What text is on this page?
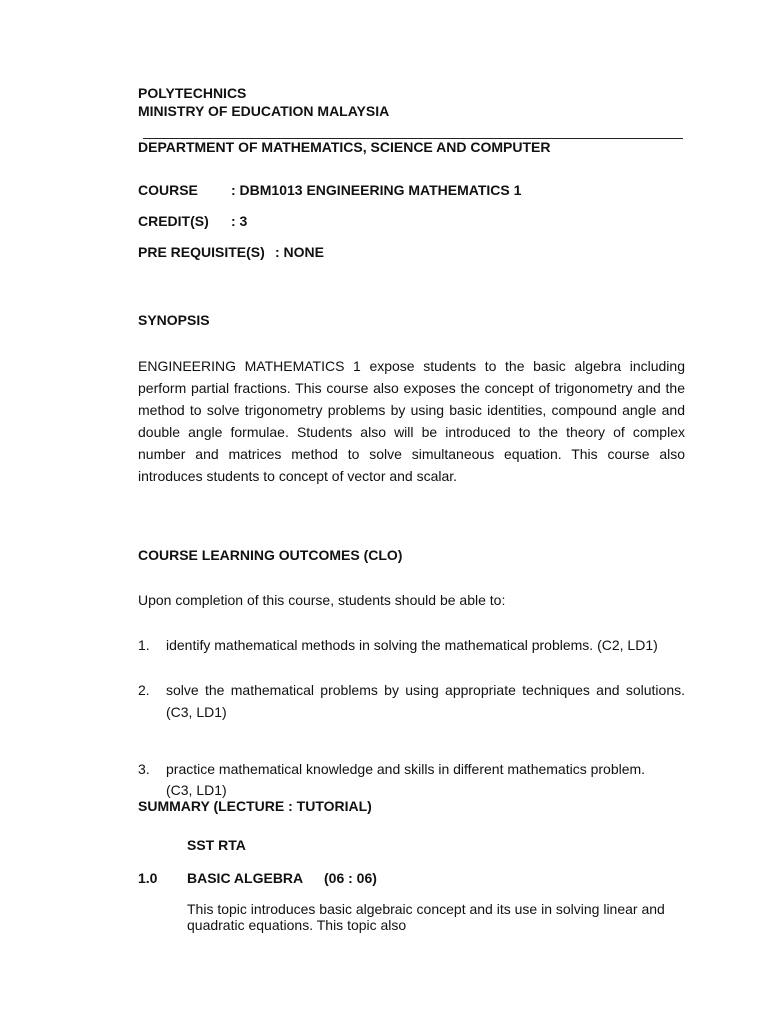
POLYTECHNICS
MINISTRY OF EDUCATION MALAYSIA
DEPARTMENT OF MATHEMATICS, SCIENCE AND COMPUTER
COURSE : DBM1013 ENGINEERING MATHEMATICS 1
CREDIT(S) : 3
PRE REQUISITE(S) : NONE
SYNOPSIS
ENGINEERING MATHEMATICS 1 expose students to the basic algebra including perform partial fractions. This course also exposes the concept of trigonometry and the method to solve trigonometry problems by using basic identities, compound angle and double angle formulae. Students also will be introduced to the theory of complex number and matrices method to solve simultaneous equation. This course also introduces students to concept of vector and scalar.
COURSE LEARNING OUTCOMES (CLO)
Upon completion of this course, students should be able to:
1. identify mathematical methods in solving the mathematical problems. (C2, LD1)
2. solve the mathematical problems by using appropriate techniques and solutions.
(C3, LD1)
3. practice mathematical knowledge and skills in different mathematics problem.
(C3, LD1)
SUMMARY (LECTURE : TUTORIAL)
SST RTA
1.0 BASIC ALGEBRA (06 : 06)
This topic introduces basic algebraic concept and its use in solving linear and quadratic equations. This topic also
